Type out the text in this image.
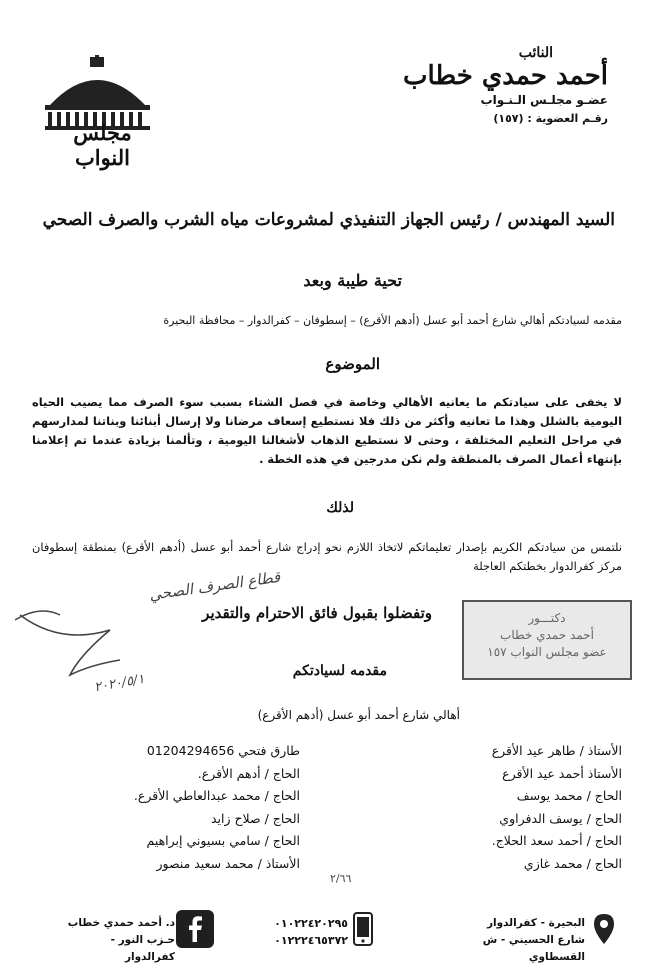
مجلس النواب
النائب
أحمد حمدي خطاب
عضـو مجلـس الـنـواب
رقـم العضوية : (١٥٧)
السيد المهندس / رئيس الجهاز التنفيذي لمشروعات مياه الشرب والصرف الصحي
تحية طيبة وبعد
مقدمه لسيادتكم أهالي شارع أحمد أبو عسل (أدهم الأقرع) – إسطوفان – كفرالدوار – محافظة البحيرة
الموضوع
لا يخفى على سيادتكم ما يعانيه الأهالي وخاصة في فصل الشتاء بسبب سوء الصرف مما يصيب الحياه اليومية بالشلل وهذا ما تعانيه وأكثر من ذلك فلا نستطيع إسعاف مرضانا ولا إرسال أبنائنا وبناتنا لمدارسهم في مراحل التعليم المختلفة ، وحتى لا نستطيع الذهاب لأشغالنا اليومية ، وتألمنا بزيادة عندما تم إعلامنا بإنتهاء أعمال الصرف بالمنطقة ولم نكن مدرجين في هذه الخطة .
لذلك
نلتمس من سيادتكم الكريم بإصدار تعليماتكم لاتخاذ اللازم نحو إدراج شارع أحمد أبو عسل (أدهم الأقرع) بمنطقة إسطوفان مركز كفرالدوار بخطتكم العاجلة
وتفضلوا بقبول فائق الاحترام والتقدير
مقدمه لسيادتكم
أهالي شارع أحمد أبو عسل (أدهم الأقرع)
دكتـــور
أحمد حمدي خطاب
عضو مجلس النواب ١٥٧
قطاع الصرف الصحي
٢٠٢٠/٥/١
الأستاذ / طاهر عيد الأقرع
الأستاذ أحمد عيد الأقرع
الحاج / محمد يوسف
الحاج / يوسف الدفراوي
الحاج / أحمد سعد الحلاج.
الحاج / محمد غازي
طارق فتحي 01204294656
الحاج / أدهم الأقرع.
الحاج / محمد عبدالعاطي الأقرع.
الحاج / صلاح زايد
الحاج / سامي بسيوني إبراهيم
الأستاذ / محمد سعيد منصور
٢/٦٦
د. أحمد حمدي خطاب
حـزب النور - كفرالدوار
٠١٠٢٢٤٢٠٢٩٥
٠١٢٢٢٤٦٥٣٧٢
البحيرة - كفرالدوار
شارع الحسيني - ش القسطاوي
